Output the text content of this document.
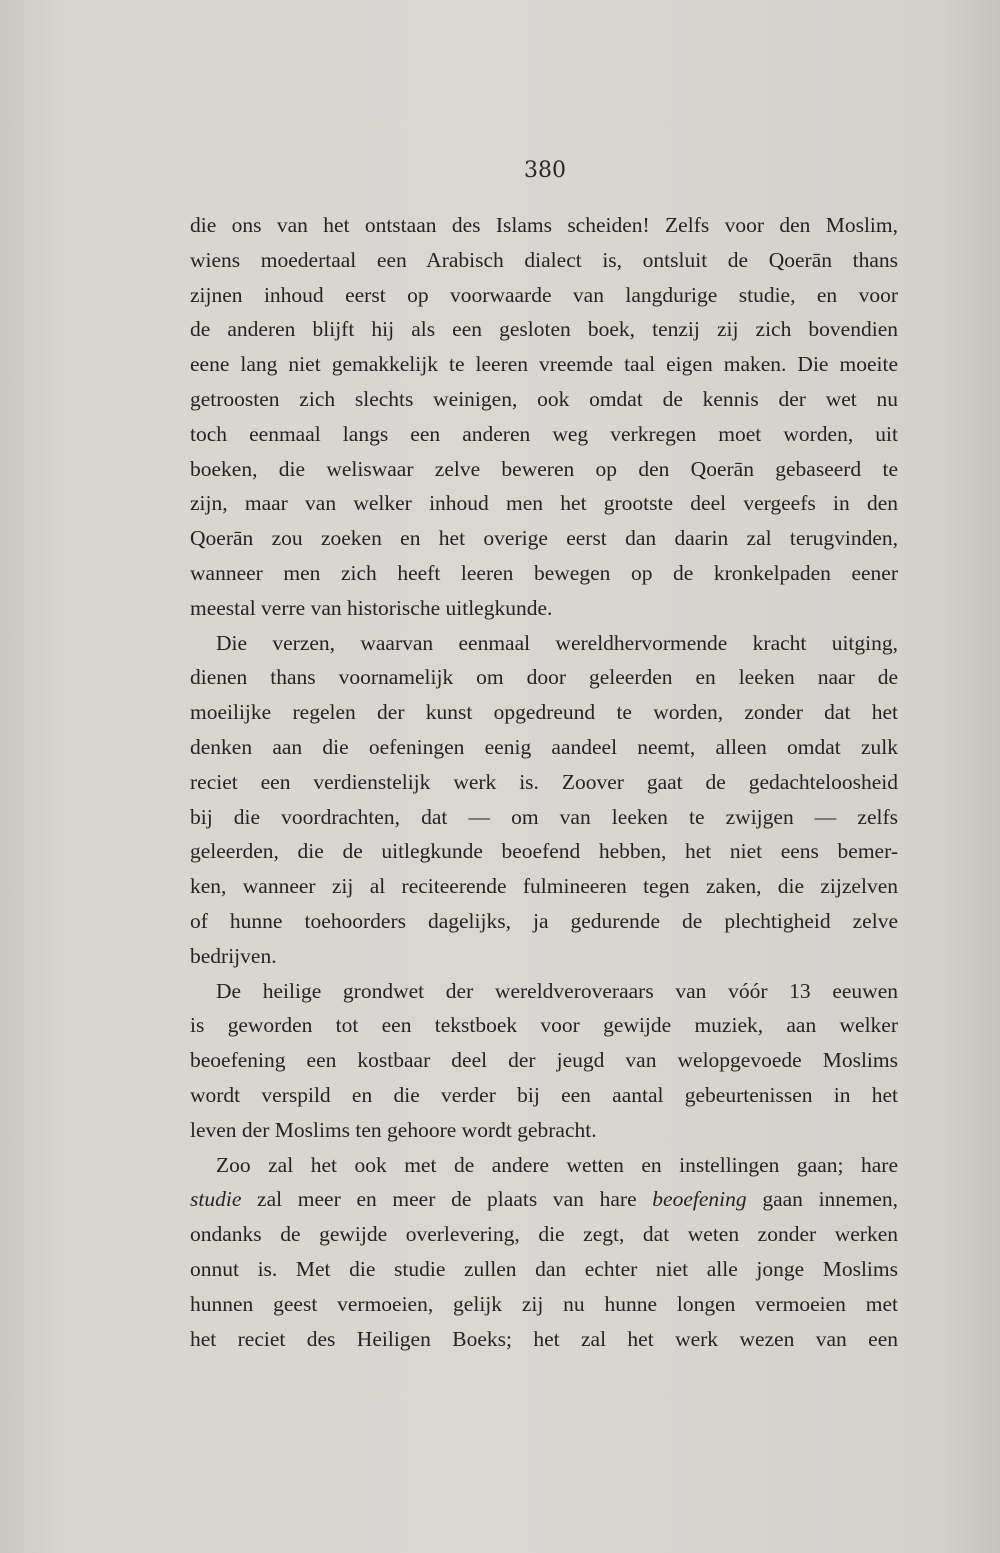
380

die ons van het ontstaan des Islams scheiden! Zelfs voor den Moslim,
wiens moedertaal een Arabisch dialect is, ontsluit de Qoerān thans
zijnen inhoud eerst op voorwaarde van langdurige studie, en voor
de anderen blijft hij als een gesloten boek, tenzij zij zich bovendien
eene lang niet gemakkelijk te leeren vreemde taal eigen maken. Die moeite
getroosten zich slechts weinigen, ook omdat de kennis der wet nu
toch eenmaal langs een anderen weg verkregen moet worden, uit
boeken, die weliswaar zelve beweren op den Qoerān gebaseerd te
zijn, maar van welker inhoud men het grootste deel vergeefs in den
Qoerān zou zoeken en het overige eerst dan daarin zal terugvinden,
wanneer men zich heeft leeren bewegen op de kronkelpaden eener
meestal verre van historische uitlegkunde.

Die verzen, waarvan eenmaal wereldhervormende kracht uitging,
dienen thans voornamelijk om door geleerden en leeken naar de
moeilijke regelen der kunst opgedreund te worden, zonder dat het
denken aan die oefeningen eenig aandeel neemt, alleen omdat zulk
reciet een verdienstelijk werk is. Zoover gaat de gedachteloosheid
bij die voordrachten, dat — om van leeken te zwijgen — zelfs
geleerden, die de uitlegkunde beoefend hebben, het niet eens bemer-
ken, wanneer zij al reciteerende fulmineeren tegen zaken, die zijzelven
of hunne toehoorders dagelijks, ja gedurende de plechtigheid zelve
bedrijven.

De heilige grondwet der wereldveroveraars van vóór 13 eeuwen
is geworden tot een tekstboek voor gewijde muziek, aan welker
beoefening een kostbaar deel der jeugd van welopgevoede Moslims
wordt verspild en die verder bij een aantal gebeurtenissen in het
leven der Moslims ten gehoore wordt gebracht.

Zoo zal het ook met de andere wetten en instellingen gaan; hare
studie zal meer en meer de plaats van hare beoefening gaan innemen,
ondanks de gewijde overlevering, die zegt, dat weten zonder werken
onnut is. Met die studie zullen dan echter niet alle jonge Moslims
hunnen geest vermoeien, gelijk zij nu hunne longen vermoeien met
het reciet des Heiligen Boeks; het zal het werk wezen van een
